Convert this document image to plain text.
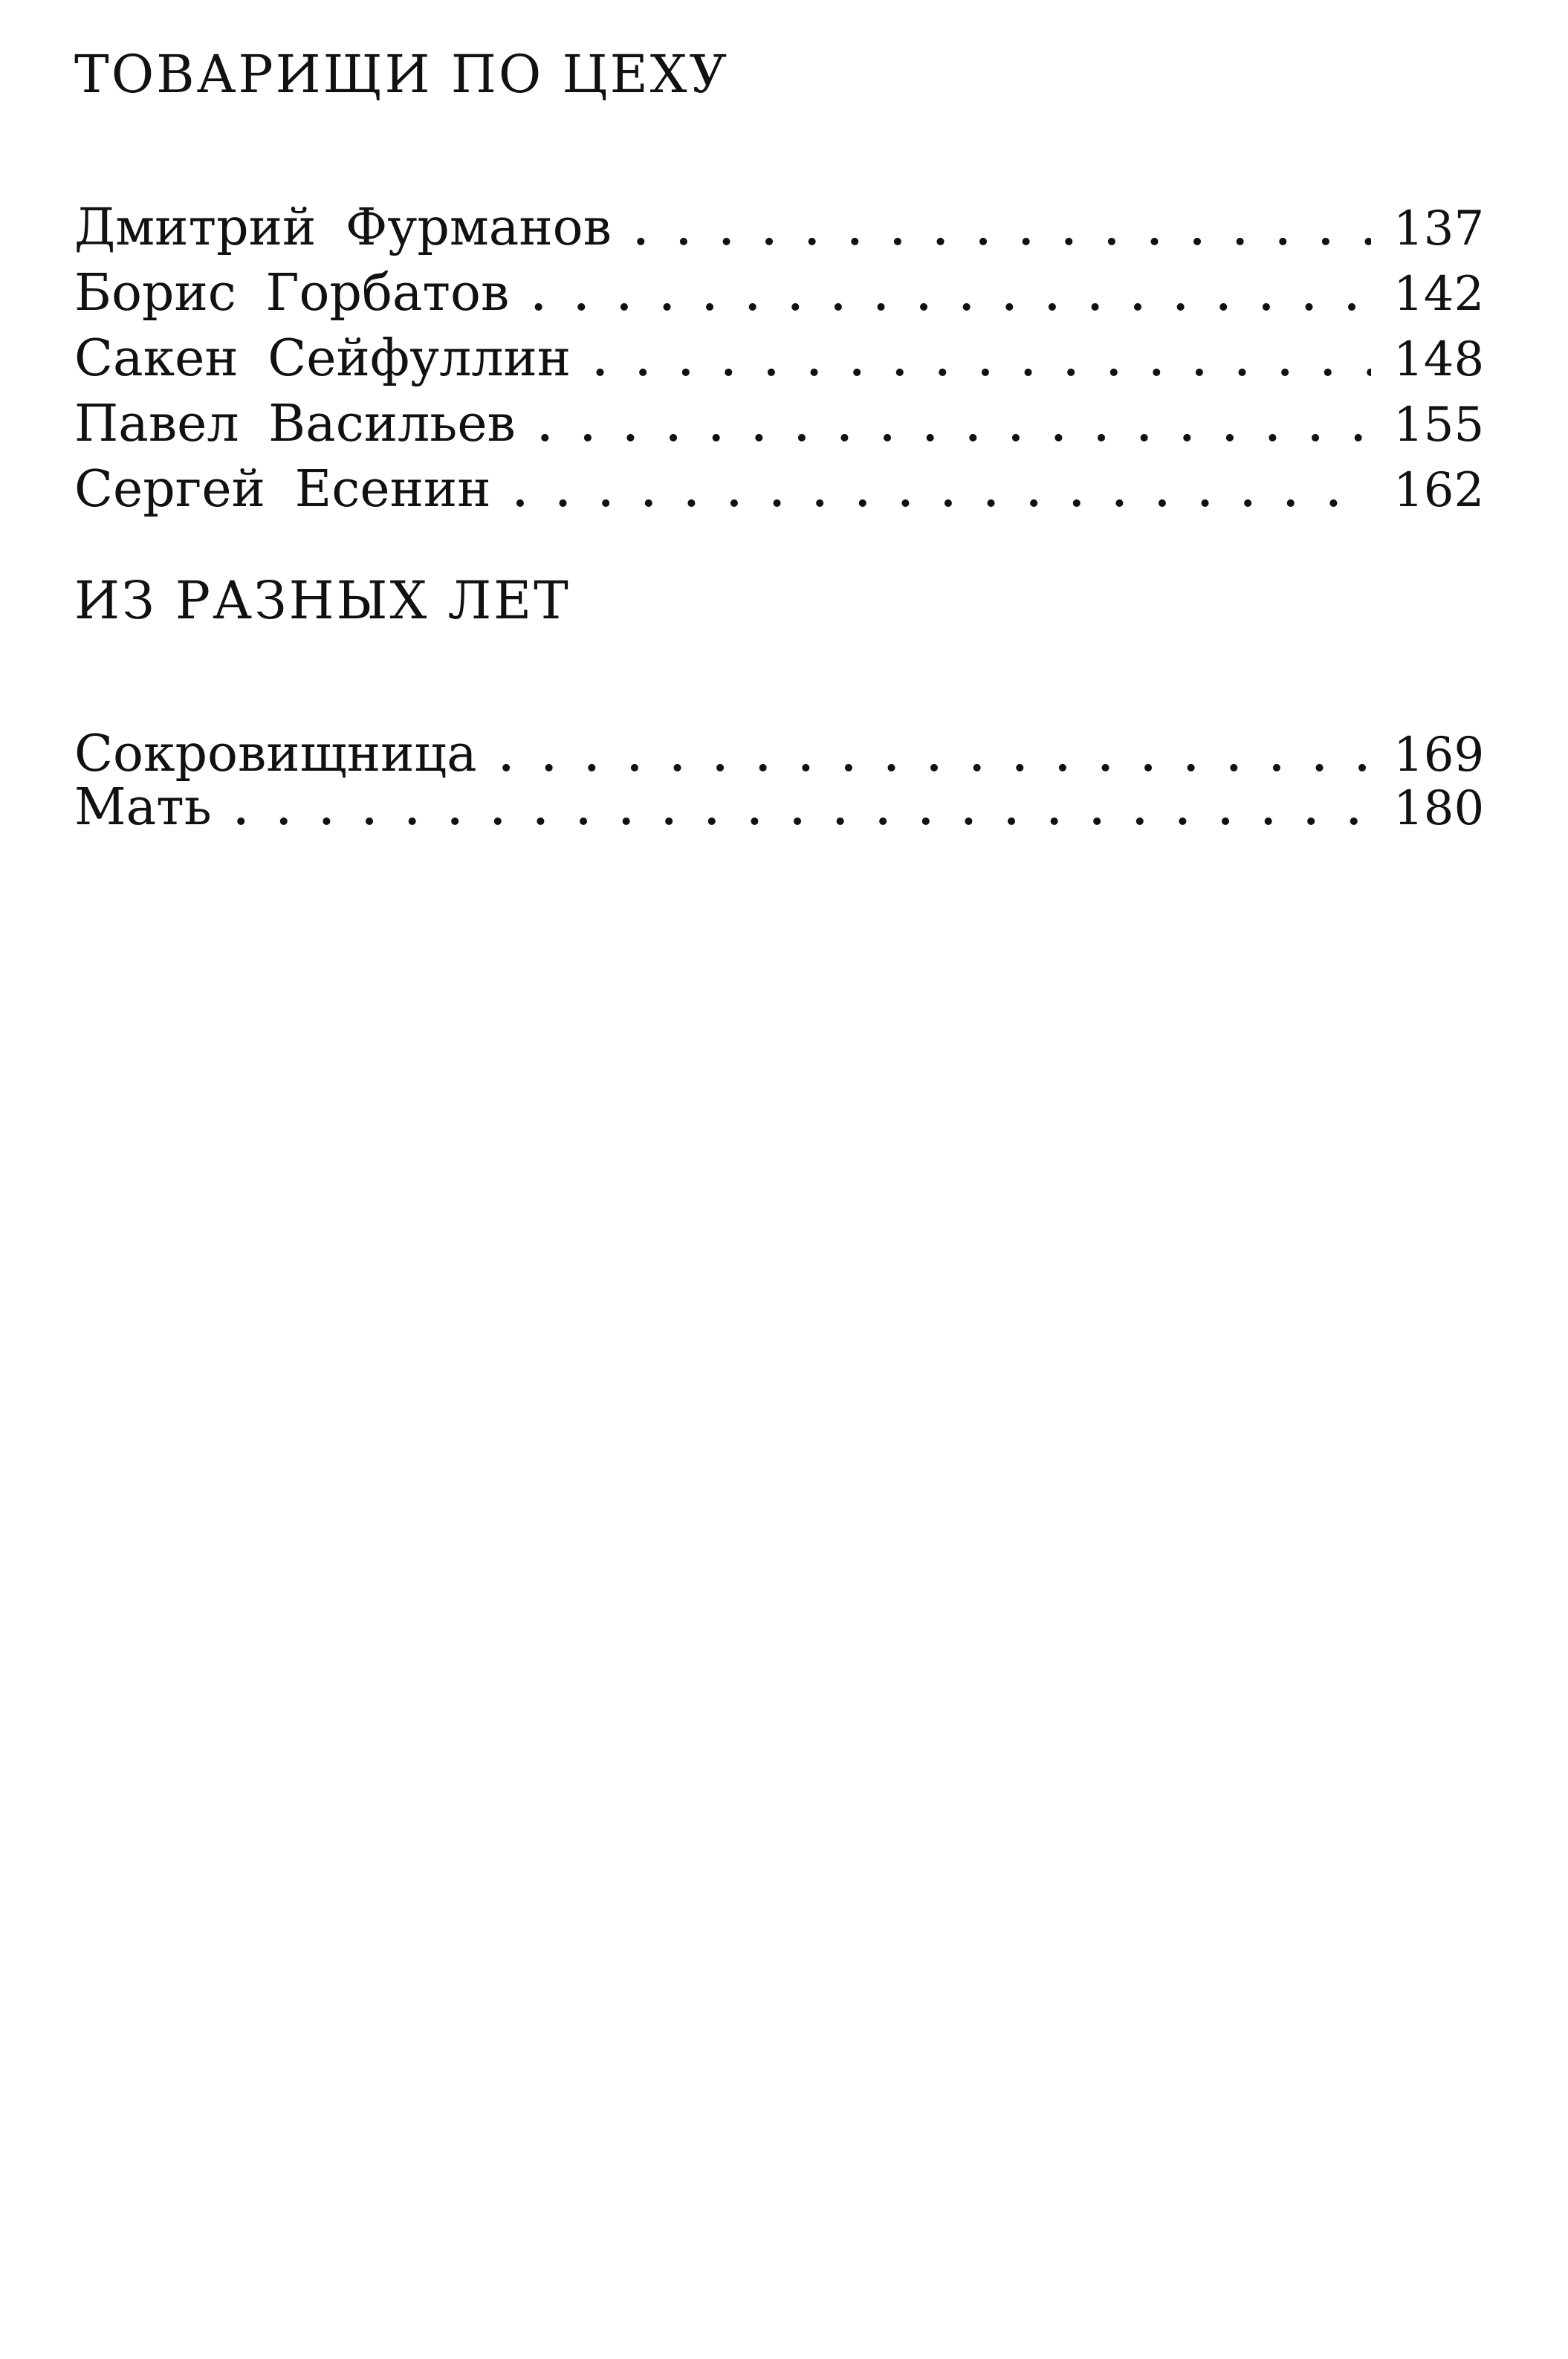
ТОВАРИЩИ ПО ЦЕХУ
Дмитрий Фурманов . . .	137
Борис Горбатов . . .	142
Сакен Сейфуллин . . .	148
Павел Васильев . . .	155
Сергей Есенин . . .	162
ИЗ РАЗНЫХ ЛЕТ
Сокровищница . . .	169
Мать . . .	180
